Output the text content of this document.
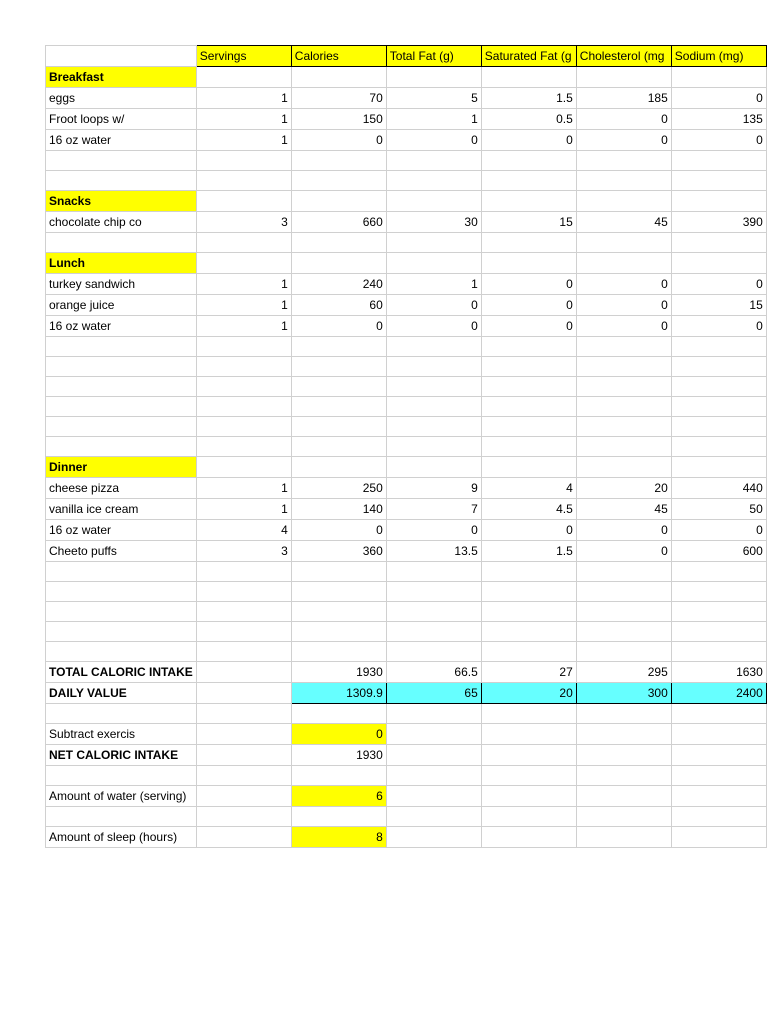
	Servings	Calories	Total Fat (g)	Saturated Fat (g	Cholesterol (mg	Sodium (mg)
Breakfast						
eggs	1	70	5	1.5	185	0
Froot loops w/	1	150	1	0.5	0	135
16 oz water	1	0	0	0	0	0

Snacks						
chocolate chip co	3	660	30	15	45	390

Lunch						
turkey sandwich	1	240	1	0	0	0
orange juice	1	60	0	0	0	15
16 oz water	1	0	0	0	0	0

Dinner						
cheese pizza	1	250	9	4	20	440
vanilla ice cream	1	140	7	4.5	45	50
16 oz water	4	0	0	0	0	0
Cheeto puffs	3	360	13.5	1.5	0	600

TOTAL CALORIC INTAKE		1930	66.5	27	295	1630
DAILY VALUE		1309.9	65	20	300	2400

Subtract exercis		0				
NET CALORIC INTAKE		1930				

Amount of water (serving)		6				

Amount of sleep (hours)		8				
